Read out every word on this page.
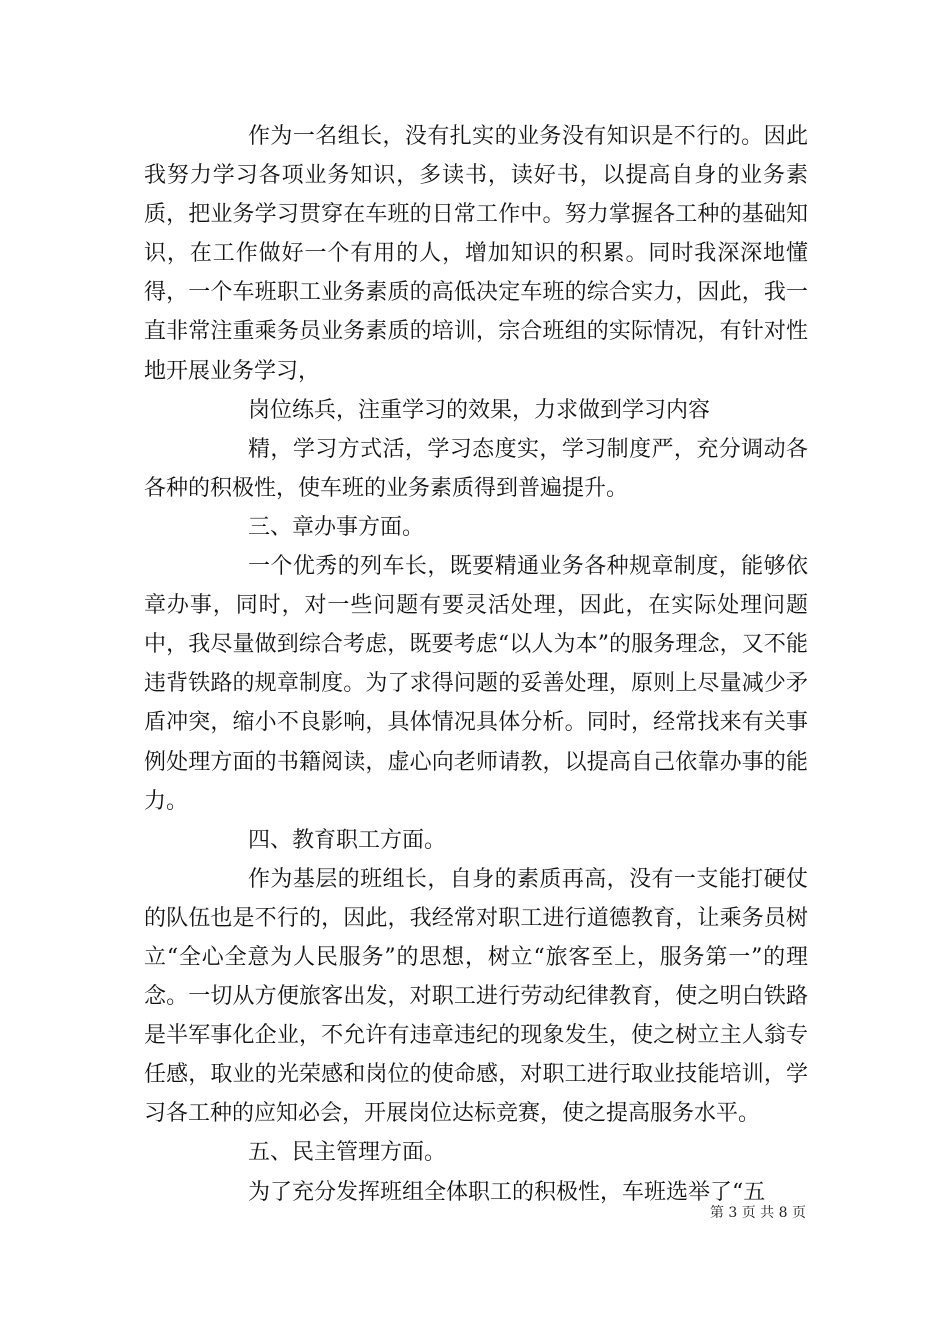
作为一名组长，没有扎实的业务没有知识是不行的。因此我努力学习各项业务知识，多读书，读好书，以提高自身的业务素质，把业务学习贯穿在车班的日常工作中。努力掌握各工种的基础知识，在工作做好一个有用的人，增加知识的积累。同时我深深地懂得，一个车班职工业务素质的高低决定车班的综合实力，因此，我一直非常注重乘务员业务素质的培训，宗合班组的实际情况，有针对性地开展业务学习，

岗位练兵，注重学习的效果，力求做到学习内容

精，学习方式活，学习态度实，学习制度严，充分调动各各种的积极性，使车班的业务素质得到普遍提升。

三、章办事方面。

一个优秀的列车长，既要精通业务各种规章制度，能够依章办事，同时，对一些问题有要灵活处理，因此，在实际处理问题中，我尽量做到综合考虑，既要考虑“以人为本”的服务理念，又不能违背铁路的规章制度。为了求得问题的妥善处理，原则上尽量减少矛盾冲突，缩小不良影响，具体情况具体分析。同时，经常找来有关事例处理方面的书籍阅读，虚心向老师请教，以提高自己依靠办事的能力。

四、教育职工方面。

作为基层的班组长，自身的素质再高，没有一支能打硬仗的队伍也是不行的，因此，我经常对职工进行道德教育，让乘务员树立“全心全意为人民服务”的思想，树立“旅客至上，服务第一”的理念。一切从方便旅客出发，对职工进行劳动纪律教育，使之明白铁路是半军事化企业，不允许有违章违纪的现象发生，使之树立主人翁专任感，取业的光荣感和岗位的使命感，对职工进行取业技能培训，学习各工种的应知必会，开展岗位达标竞赛，使之提高服务水平。

五、民主管理方面。

为了充分发挥班组全体职工的积极性，车班选举了“五

第 3 页 共 8 页
